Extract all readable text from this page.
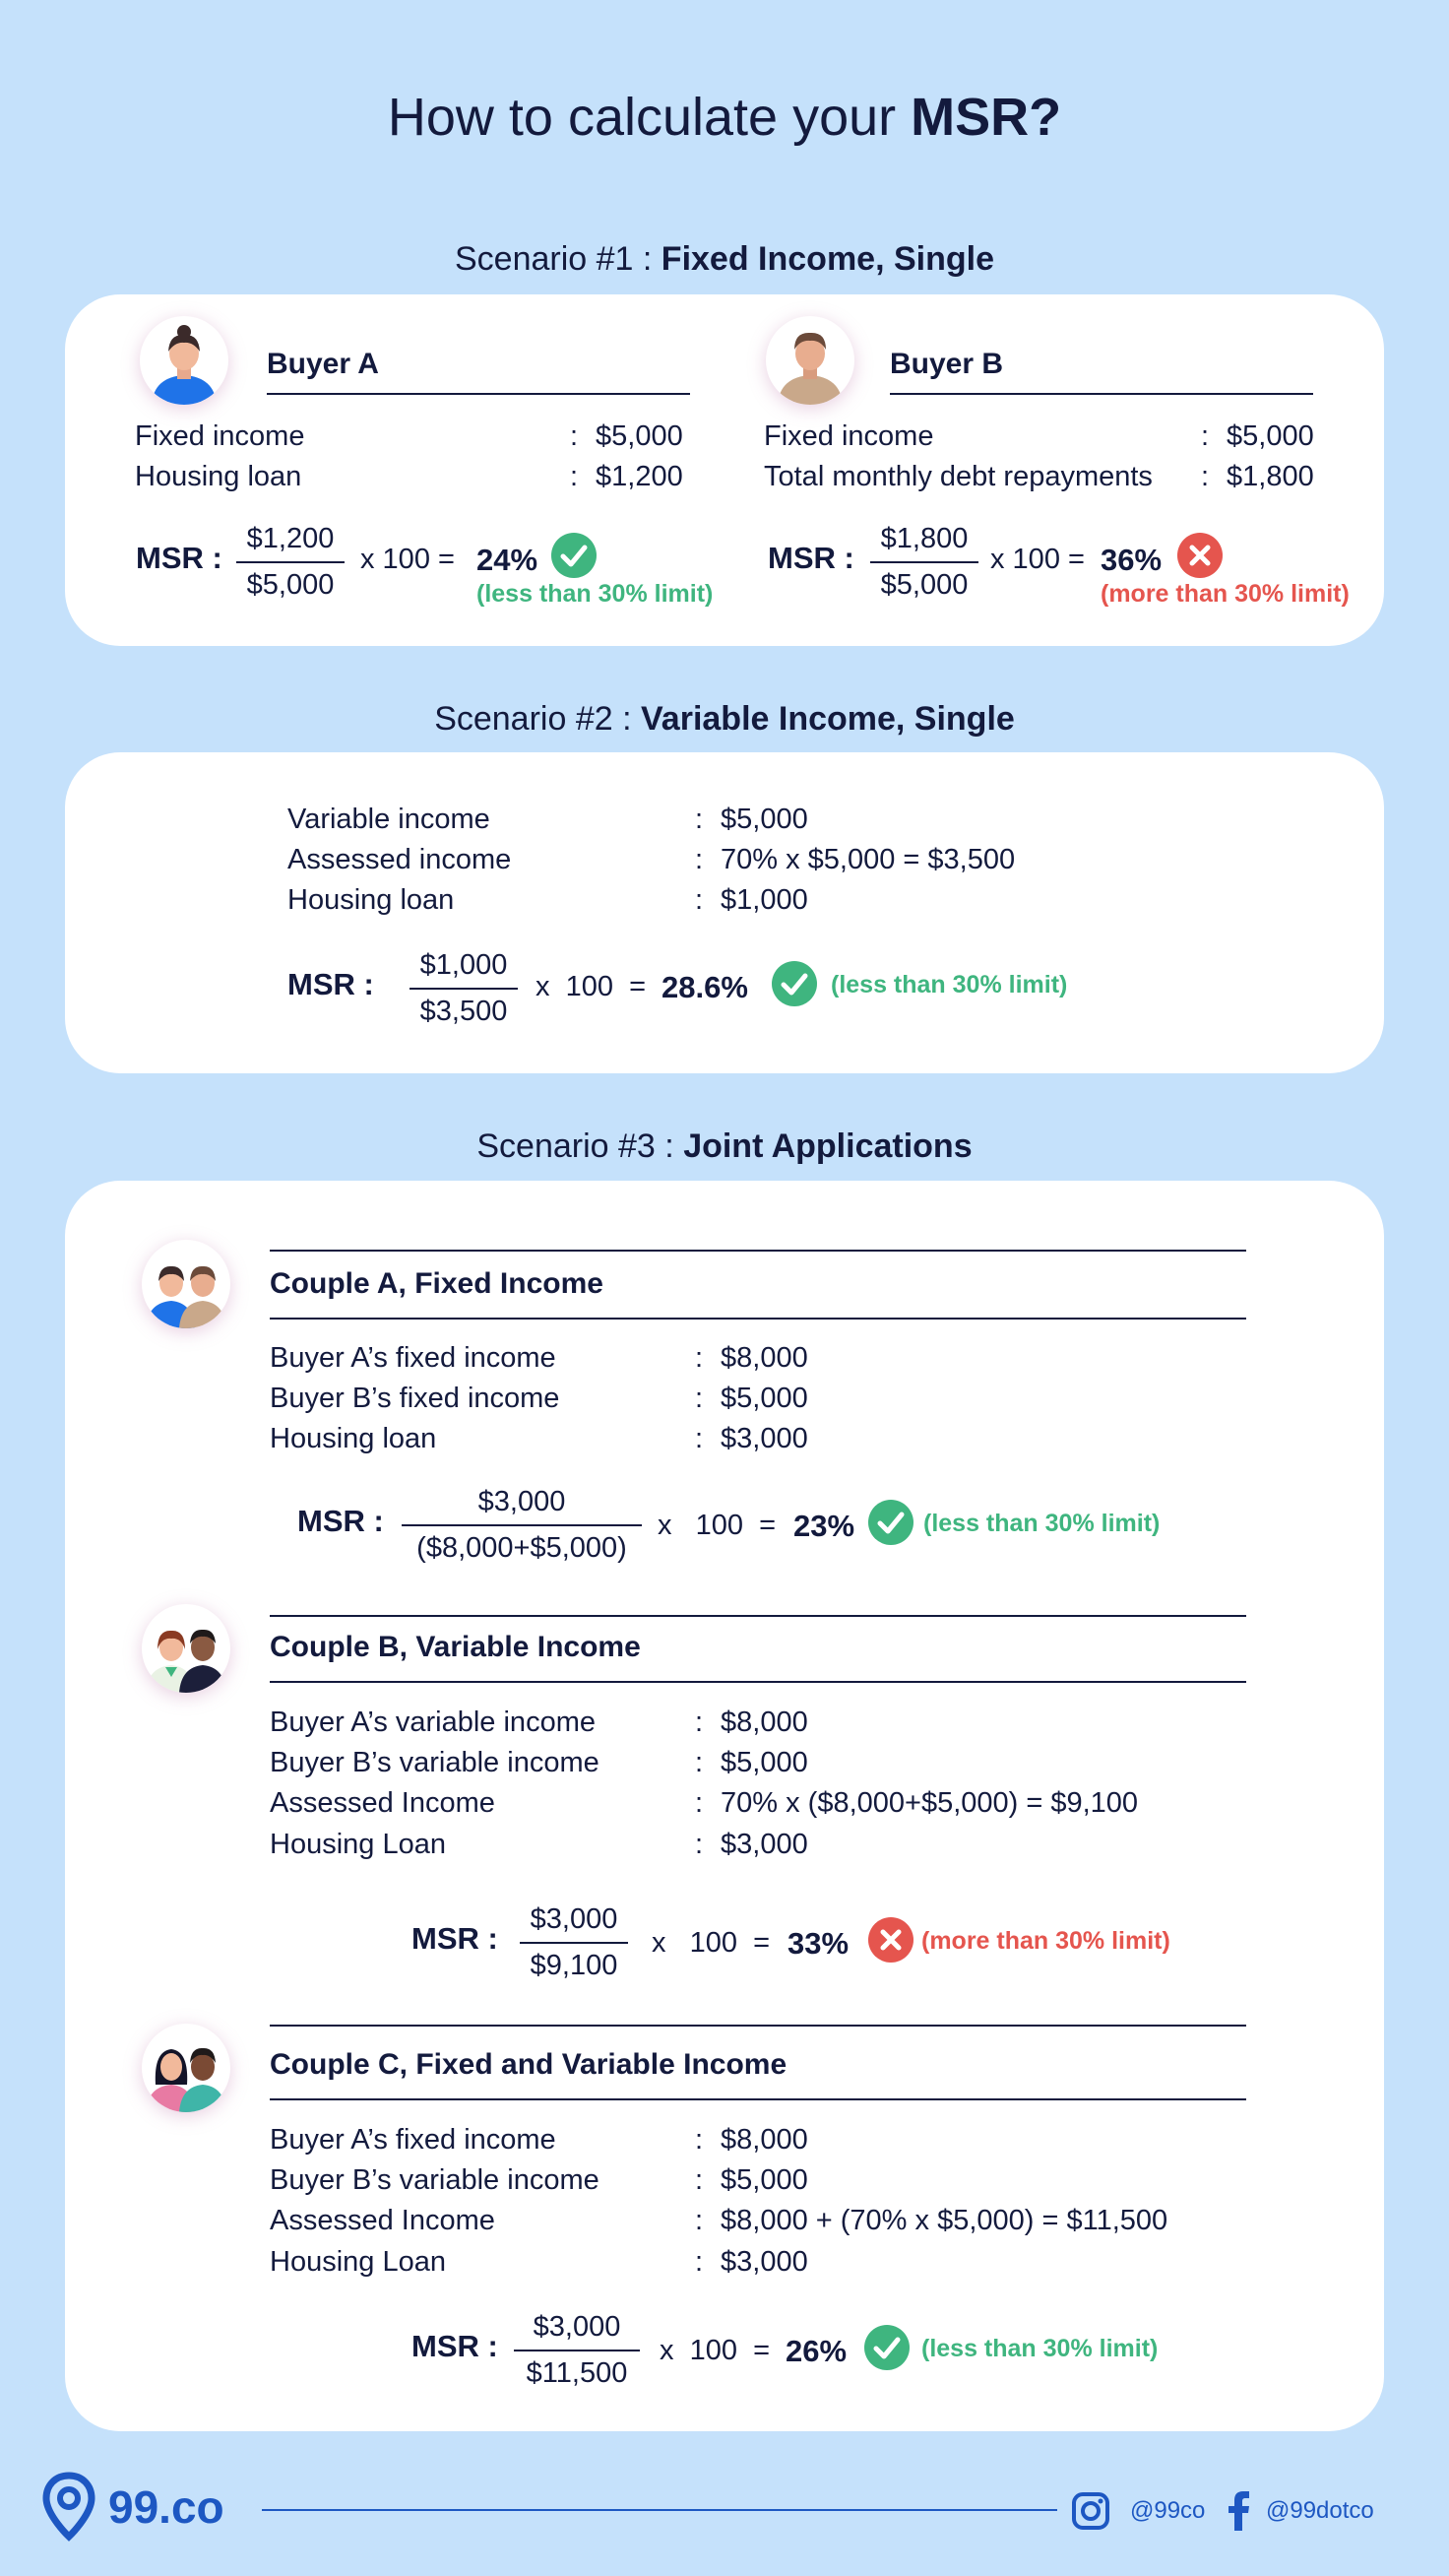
How to calculate your MSR?
Scenario #1 : Fixed Income, Single
Buyer A
Fixed income	: $5,000
Housing loan	: $1,200
MSR : $\frac{\$1,200}{\$5,000}$ x 100 = 24%
(less than 30% limit)
Buyer B
Fixed income	: $5,000
Total monthly debt repayments : $1,800
MSR : $\frac{\$1,800}{\$5,000}$ x 100 = 36%
(more than 30% limit)
Scenario #2 : Variable Income, Single
Variable income	: $5,000
Assessed income	: 70% x $5,000 = $3,500
Housing loan	: $1,000
MSR : $\frac{\$1,000}{\$3,500}$ x  100  = 28.6%	(less than 30% limit)
Scenario #3 : Joint Applications
Couple A, Fixed Income
Buyer A’s fixed income	: $8,000
Buyer B’s fixed income	: $5,000
Housing loan	: $3,000
MSR : $\frac{\$3,000}{(\$8,000+\$5,000)}$ x   100  = 23%	(less than 30% limit)
Couple B, Variable Income
Buyer A’s variable income	: $8,000
Buyer B’s variable income	: $5,000
Assessed Income	: 70% x ($8,000+$5,000) = $9,100
Housing Loan	: $3,000
MSR : $\frac{\$3,000}{\$9,100}$ x   100  = 33%	(more than 30% limit)
Couple C, Fixed and Variable Income
Buyer A’s fixed income	: $8,000
Buyer B’s variable income	: $5,000
Assessed Income	: $8,000 + (70% x $5,000) = $11,500
Housing Loan	: $3,000
MSR : $\frac{\$3,000}{\$11,500}$ x  100  = 26%	(less than 30% limit)
99.co	@99co	@99dotco
